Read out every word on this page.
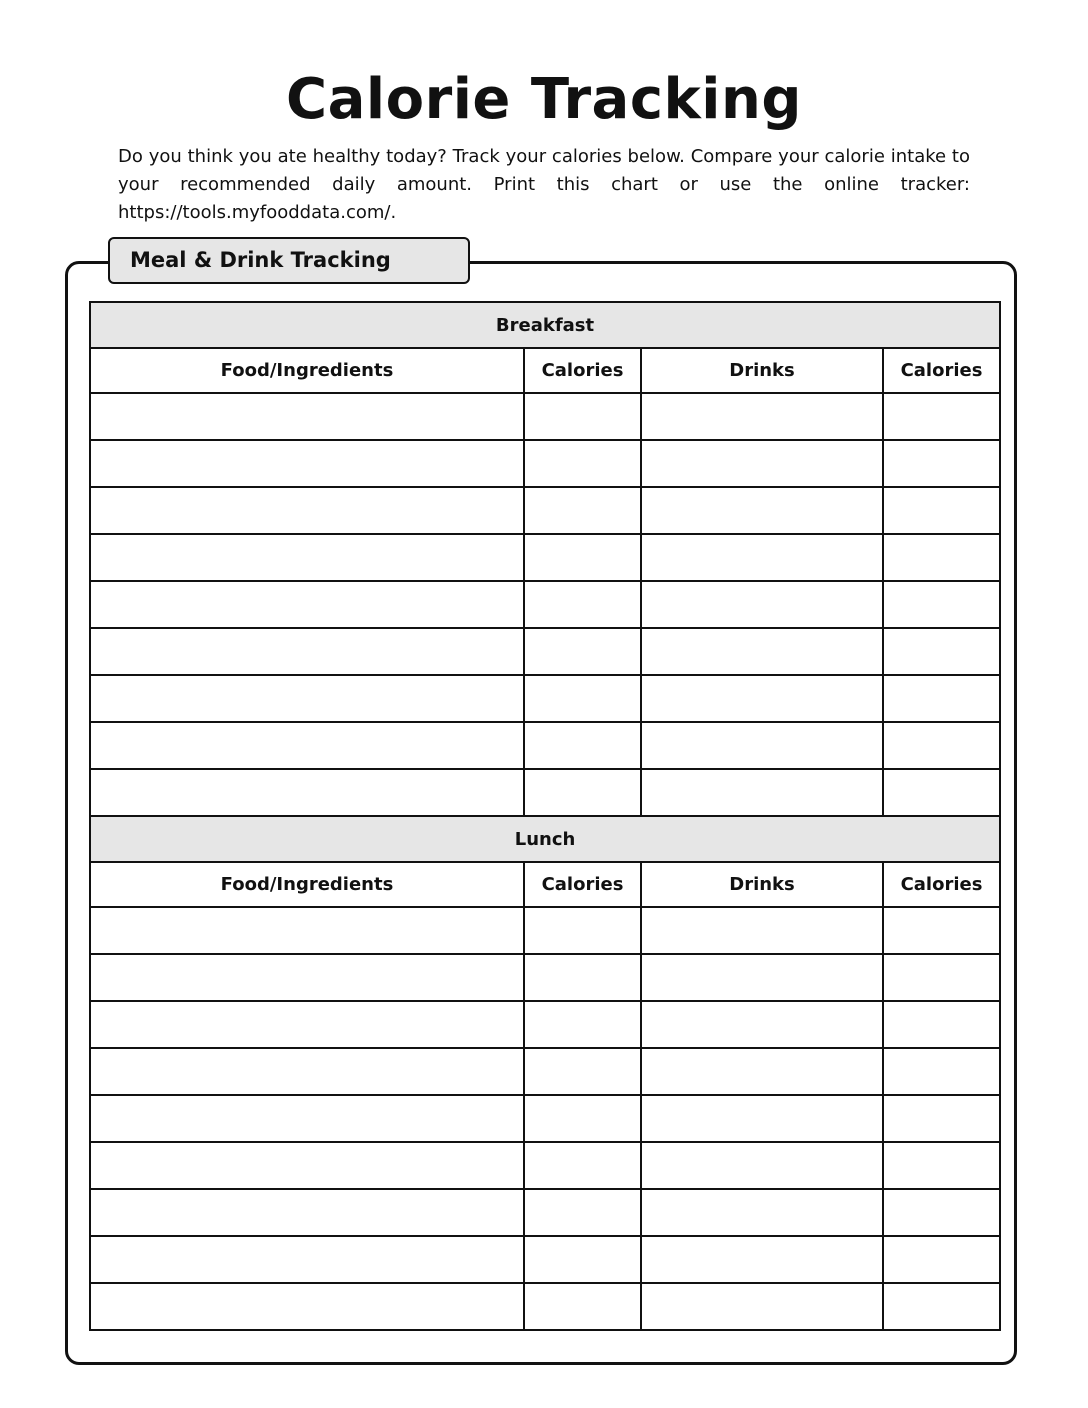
Calorie Tracking
Do you think you ate healthy today? Track your calories below. Compare your calorie intake to your recommended daily amount. Print this chart or use the online tracker: https://tools.myfooddata.com/.
Meal & Drink Tracking
Breakfast			
Food/Ingredients	Calories	Drinks	Calories

Lunch			
Food/Ingredients	Calories	Drinks	Calories
